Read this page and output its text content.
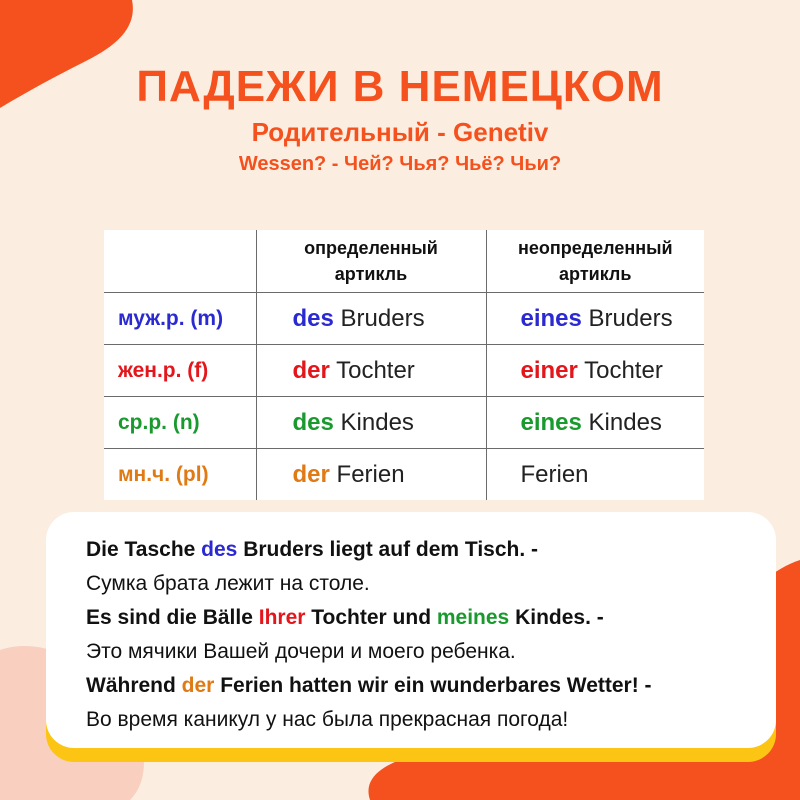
ПАДЕЖИ В НЕМЕЦКОМ
Родительный - Genetiv
Wessen? - Чей? Чья? Чьё? Чьи?

	определенный артикль	неопределенный артикль

муж.р. (m)	des Bruders	eines Bruders
жен.р. (f)	der Tochter	einer Tochter
ср.р. (n)	des Kindes	eines Kindes
мн.ч. (pl)	der Ferien	Ferien
Die Tasche des Bruders liegt auf dem Tisch. -
Сумка брата лежит на столе.
Es sind die Bälle Ihrer Tochter und meines Kindes. -
Это мячики Вашей дочери и моего ребенка.
Während der Ferien hatten wir ein wunderbares Wetter! -
Во время каникул у нас была прекрасная погода!
